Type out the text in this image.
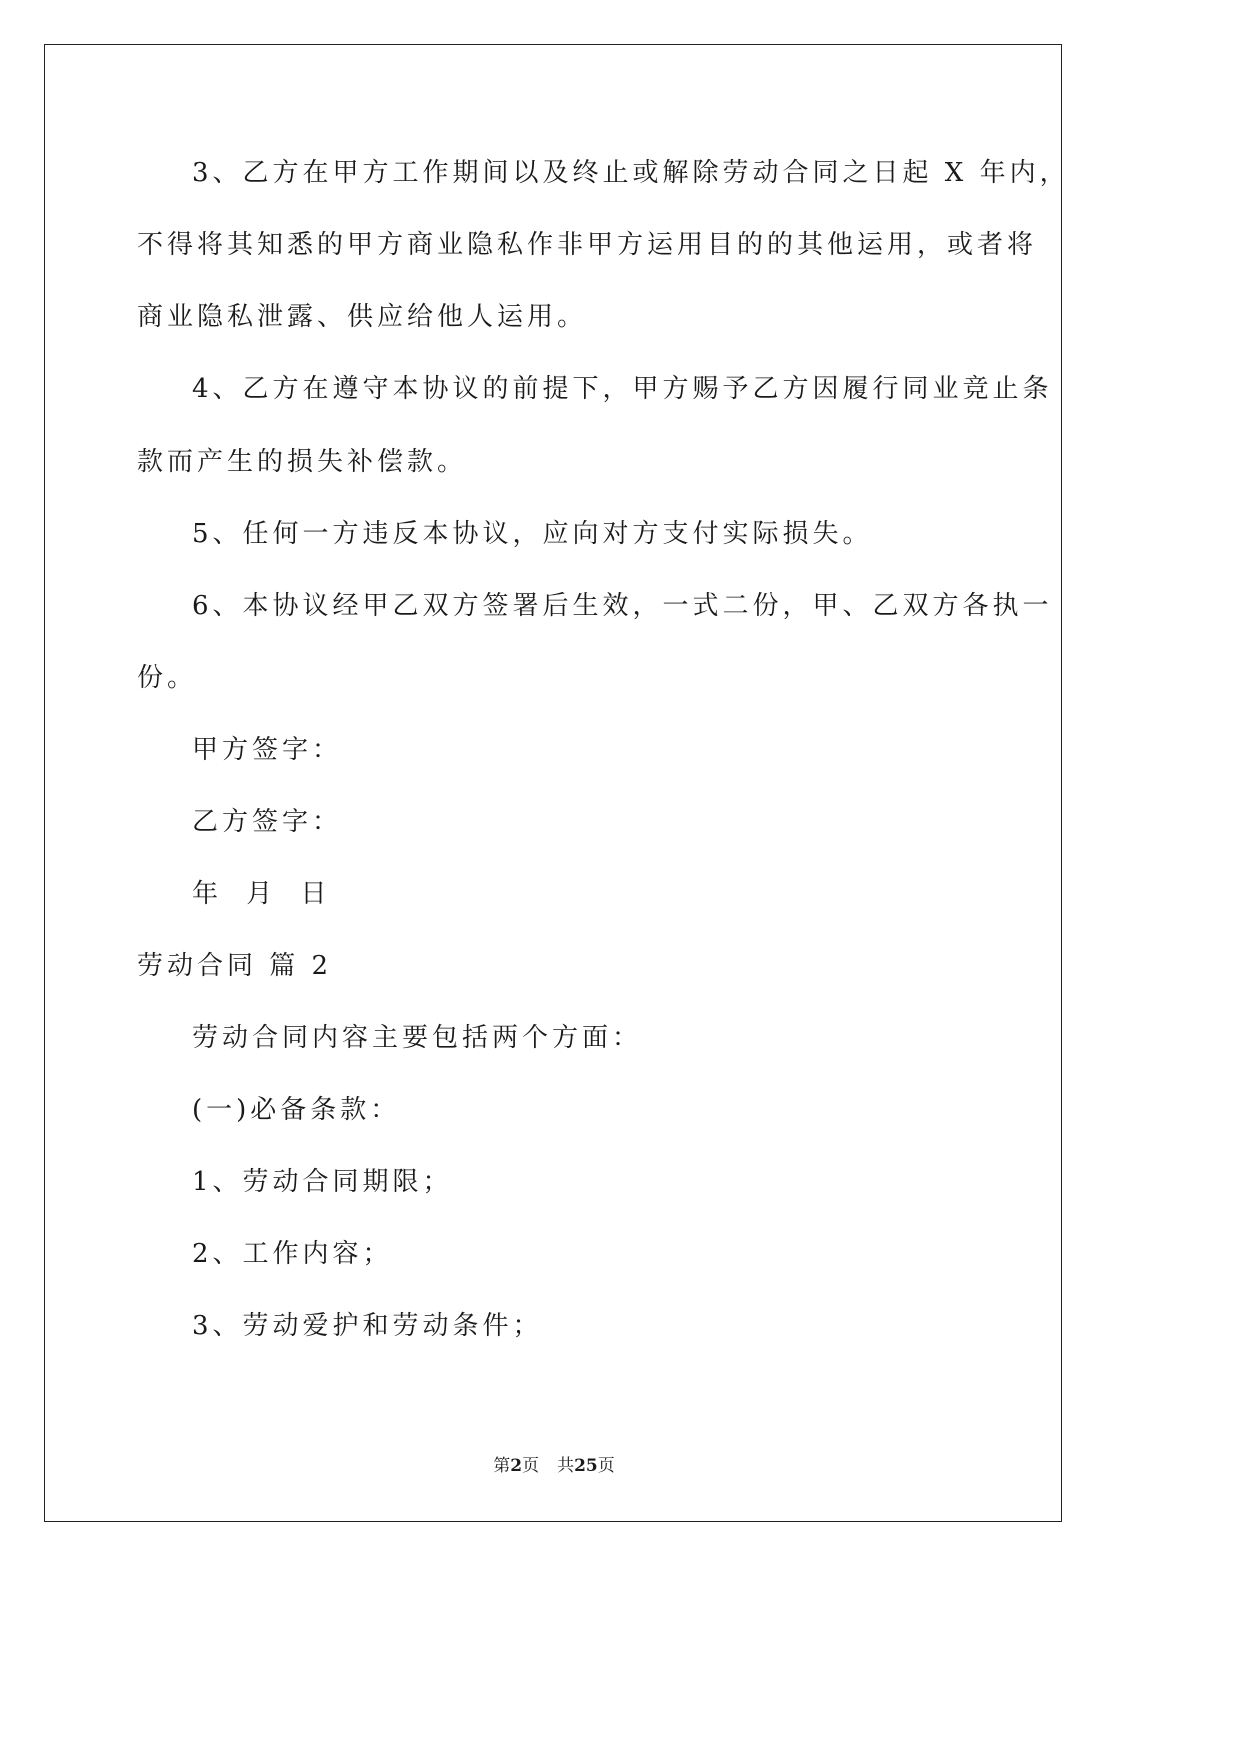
3、乙方在甲方工作期间以及终止或解除劳动合同之日起 X 年内，
不得将其知悉的甲方商业隐私作非甲方运用目的的其他运用，或者将
商业隐私泄露、供应给他人运用。
4、乙方在遵守本协议的前提下，甲方赐予乙方因履行同业竞止条
款而产生的损失补偿款。
5、任何一方违反本协议，应向对方支付实际损失。
6、本协议经甲乙双方签署后生效，一式二份，甲、乙双方各执一
份。
甲方签字：
乙方签字：
年 月 日
劳动合同 篇 2
劳动合同内容主要包括两个方面：
(一)必备条款：
1、劳动合同期限；
2、工作内容；
3、劳动爱护和劳动条件；
第2页 共25页
